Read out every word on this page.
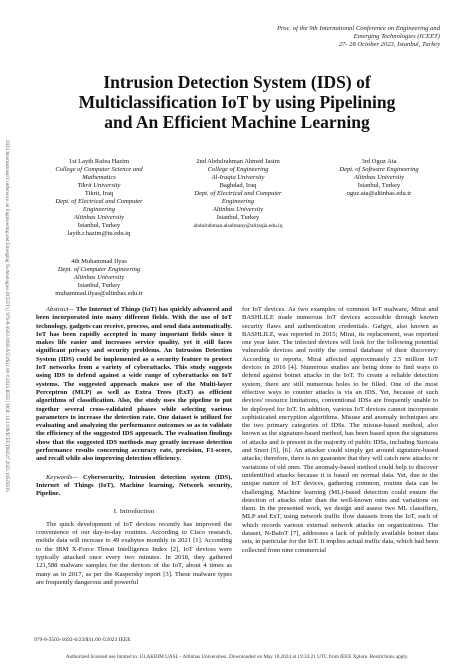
Proc. of the 9th International Conference on Engineering and
Emerging Technologies (ICEET)
27- 28 October 2023, Istanbul, Turkey
2023 International Conference on Engineering and Emerging Technologies (ICEET) | 979-8-3503-1692-6/23/$31.00 ©2023 IEEE | DOI: 10.1109/ICEET60227.2023.10525915
Intrusion Detection System (IDS) of
Multiclassification IoT by using Pipelining
and An Efficient Machine Learning
1st Layth Rafea Hazim
College of Computer Science and
Mathematics
Tikrit University
Tikrit, Iraq
Dept. of Electrical and Computer
Engineering
Altinbas University
Istanbul, Turkey
layth.r.hazim@tu.edu.iq
2nd Abdulrahman Ahmed Jasim
College of Engineering
Al-Iraqia University
Baghdad, Iraq
Dept. of Electrical and Computer
Engineering
Altinbas University
Istanbul, Turkey
abdulrahman.alsalmany@aliraqia.edu.iq
3rd Oguz Ata
Dept. of Software Engineering
Altinbas University
Istanbul, Turkey
oguz.ata@altinbas.edu.tr
4th Muhammad Ilyas
Dept. of Computer Engineering
Altinbas University
Istanbul, Turkey
muhammad.ilyas@altinbas.edu.tr

Abstract— The Internet of Things (IoT) has quickly advanced and been incorporated into many different fields. With the use of IoT technology, gadgets can receive, process, and send data automatically. IoT has been rapidly accepted in many important fields since it makes life easier and increases service quality, yet it still faces significant privacy and security problems. An Intrusion Detection System (IDS) could be implemented as a security feature to protect IoT networks from a variety of cyberattacks. This study suggests using IDS to defend against a wide range of cyberattacks on IoT systems. The suggested approach makes use of the Multi-layer Perceptron (MLP) as well as Extra Trees (ExT) as efficient algorithms of classification. Also, the study uses the pipeline to put together several cross-validated phases while selecting various parameters to increase the detection rate. One dataset is utilized for evaluating and analyzing the performance outcomes so as to validate the efficiency of the suggested IDS approach. The evaluation findings show that the suggested IDS methods may greatly increase detection performance results concerning accuracy rate, precision, F1-score, and recall while also improving detection efficiency.

Keywords— Cybersecurity, Intrusion detection system (IDS), Internet of Things (IoT), Machine learning, Network security, Pipeline.

I. Introduction

The quick development of IoT devices recently has improved the convenience of our day-to-day routines. According to Cisco research, mobile data will increase to 49 exabytes monthly in 2021 [1]. According to the IBM X-Force Threat Intelligence Index [2], IoT devices were typically attacked once every two minutes. In 2018, they gathered 121,588 malware samples for the devices of the IoT, about 4 times as many as in 2017, as per the Kaspersky report [3]. These malware types are frequently dangerous and powerful

for IoT devices. As two examples of common IoT malware, Mirai and BASHLILE made numerous IoT devices accessible through known security flaws and authentication credentials. Gafgyt, also known as BASHLILE, was reported in 2015; Mirai, its replacement, was reported one year later. The infected devices will look for the following potential vulnerable devices and notify the central database of their discovery: According to reports, Mirai affected approximately 2.5 million IoT devices in 2016 [4]. Numerous studies are being done to find ways to defend against botnet attacks in the IoT. To create a reliable detection system, there are still numerous holes to be filled. One of the most effective ways to counter attacks is via an IDS. Yet, because of such devices' resource limitations, conventional IDSs are frequently unable to be deployed for IoT. In addition, various IoT devices cannot incorporate sophisticated encryption algorithms. Misuse and anomaly techniques are the two primary categories of IDSs. The misuse-based method, also known as the signature-based method, has been based upon the signatures of attacks and is present in the majority of public IDSs, including Suricata and Snort [5], [6]. An attacker could simply get around signature-based attacks; therefore, there is no guarantee that they will catch new attacks or variations of old ones. The anomaly-based method could help to discover unidentified attacks because it is based on normal data. Yet, due to the unique nature of IoT devices, gathering common, routine data can be challenging. Machine learning (ML)-based detection could ensure the detection of attacks other than the well-known ones and variations on them. In the presented work, we design and assess two ML classifiers, MLP and ExT, using network traffic flow datasets from the IoT, each of which records various external network attacks on organizations. The dataset, N-BaIoT [7], addresses a lack of publicly available botnet data sets, in particular for the IoT. It implies actual traffic data, which had been collected from nine commercial

979-8-3503-1692-6/23/$31.00 ©2023 IEEE
Authorized licensed use limited to: ULAKBIM UASL - Altinbas Universitesi. Downloaded on May 18,2024 at 19:33:21 UTC from IEEE Xplore. Restrictions apply.
